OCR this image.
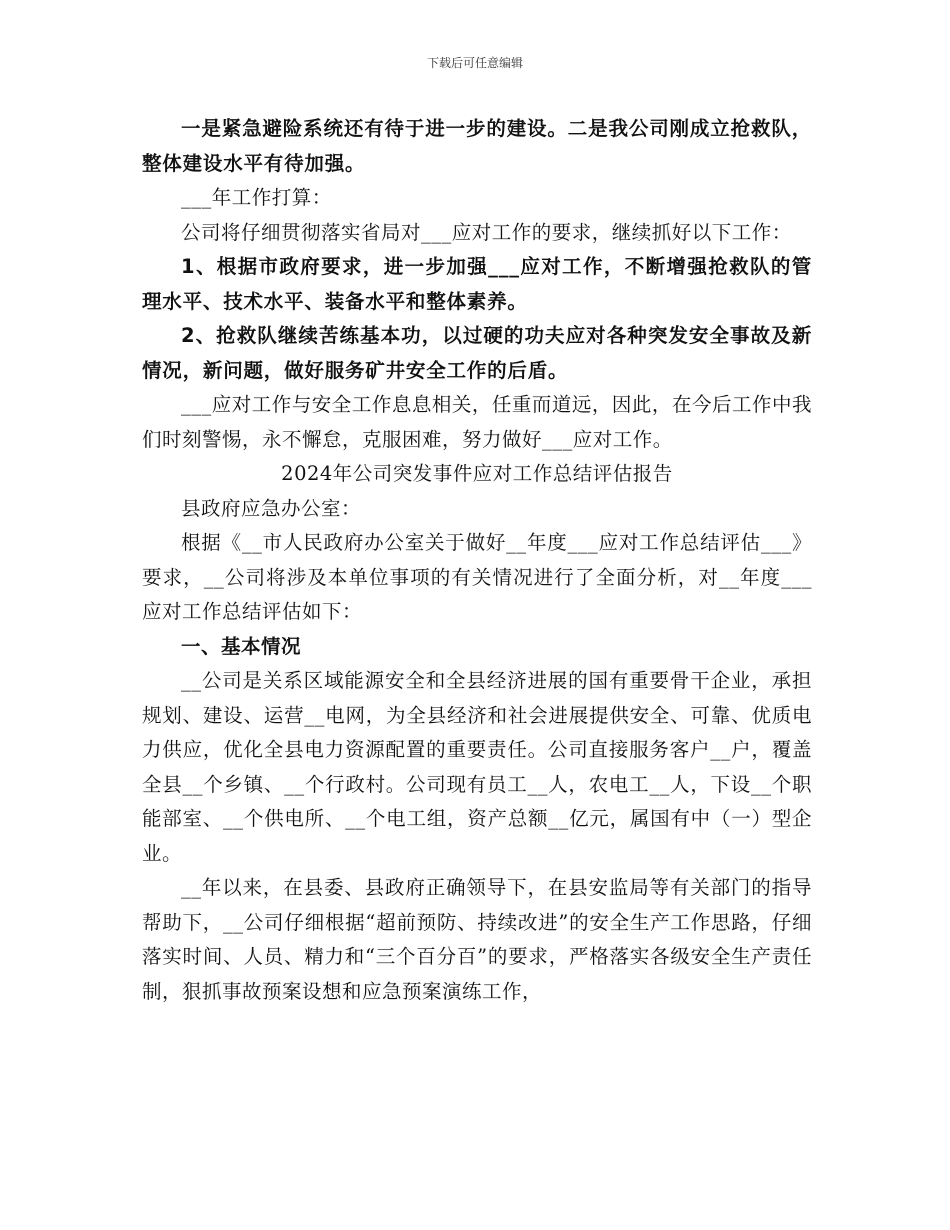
下载后可任意编辑

一是紧急避险系统还有待于进一步的建设。二是我公司刚成立抢救队，整体建设水平有待加强。

___年工作打算：

公司将仔细贯彻落实省局对___应对工作的要求，继续抓好以下工作：

1、根据市政府要求，进一步加强___应对工作，不断增强抢救队的管理水平、技术水平、装备水平和整体素养。

2、抢救队继续苦练基本功，以过硬的功夫应对各种突发安全事故及新情况，新问题，做好服务矿井安全工作的后盾。

___应对工作与安全工作息息相关，任重而道远，因此，在今后工作中我们时刻警惕，永不懈怠，克服困难，努力做好___应对工作。

2024年公司突发事件应对工作总结评估报告

县政府应急办公室：

根据《__市人民政府办公室关于做好__年度___应对工作总结评估___》要求，__公司将涉及本单位事项的有关情况进行了全面分析，对__年度___应对工作总结评估如下：

一、基本情况

__公司是关系区域能源安全和全县经济进展的国有重要骨干企业，承担规划、建设、运营__电网，为全县经济和社会进展提供安全、可靠、优质电力供应，优化全县电力资源配置的重要责任。公司直接服务客户__户，覆盖全县__个乡镇、__个行政村。公司现有员工__人，农电工__人，下设__个职能部室、__个供电所、__个电工组，资产总额__亿元，属国有中（一）型企业。

__年以来，在县委、县政府正确领导下，在县安监局等有关部门的指导帮助下，__公司仔细根据“超前预防、持续改进”的安全生产工作思路，仔细落实时间、人员、精力和“三个百分百”的要求，严格落实各级安全生产责任制，狠抓事故预案设想和应急预案演练工作，
